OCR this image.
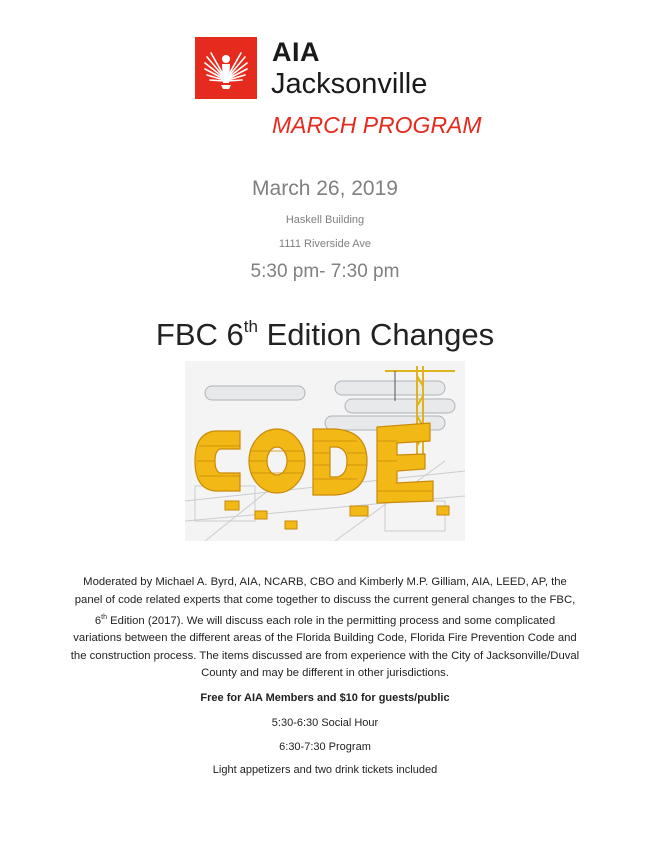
AIA
Jacksonville
MARCH PROGRAM
March 26, 2019
Haskell Building
1111 Riverside Ave
5:30 pm- 7:30 pm
FBC 6th Edition Changes
Moderated by Michael A. Byrd, AIA, NCARB, CBO and Kimberly M.P. Gilliam, AIA, LEED, AP, the panel of code related experts that come together to discuss the current general changes to the FBC, 6th Edition (2017). We will discuss each role in the permitting process and some complicated variations between the different areas of the Florida Building Code, Florida Fire Prevention Code and the construction process. The items discussed are from experience with the City of Jacksonville/Duval County and may be different in other jurisdictions.
Free for AIA Members and $10 for guests/public
5:30-6:30 Social Hour
6:30-7:30 Program
Light appetizers and two drink tickets included
